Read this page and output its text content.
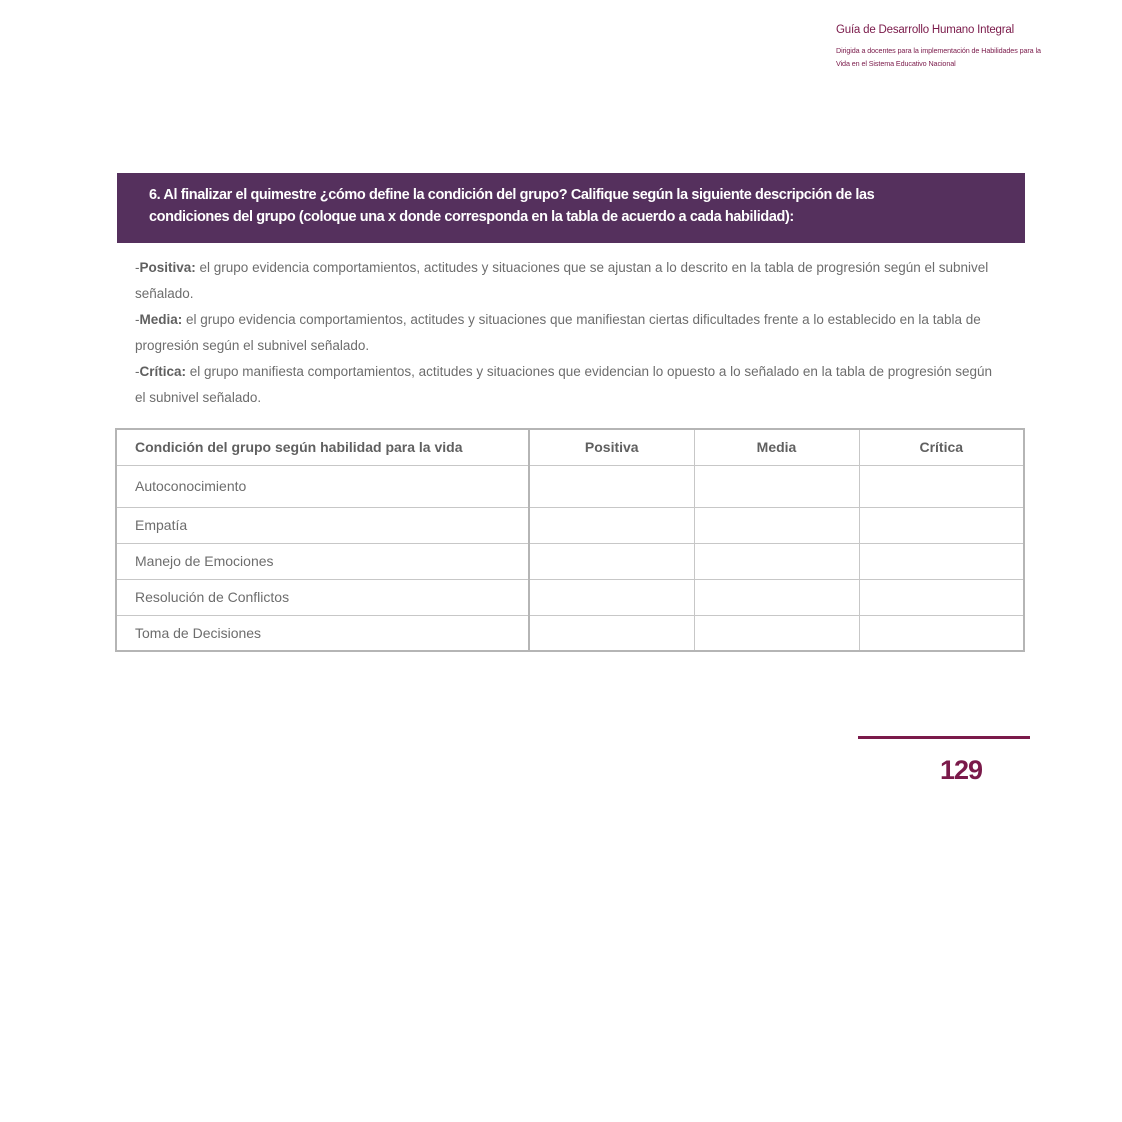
Guía de Desarrollo Humano Integral
Dirigida a docentes para la implementación de Habilidades para la
Vida en el Sistema Educativo Nacional
6. Al finalizar el quimestre ¿cómo define la condición del grupo? Califique según la siguiente descripción de las
condiciones del grupo (coloque una x donde corresponda en la tabla de acuerdo a cada habilidad):

-Positiva: el grupo evidencia comportamientos, actitudes y situaciones que se ajustan a lo descrito en la tabla de progresión según el subnivel señalado.

-Media: el grupo evidencia comportamientos, actitudes y situaciones que manifiestan ciertas dificultades frente a lo establecido en la tabla de progresión según el subnivel señalado.

-Crítica: el grupo manifiesta comportamientos, actitudes y situaciones que evidencian lo opuesto a lo señalado en la tabla de progresión según el subnivel señalado.

Condición del grupo según habilidad para la vida	Positiva	Media	Crítica
Autoconocimiento			
Empatía			
Manejo de Emociones			
Resolución de Conflictos			
Toma de Decisiones			
129
